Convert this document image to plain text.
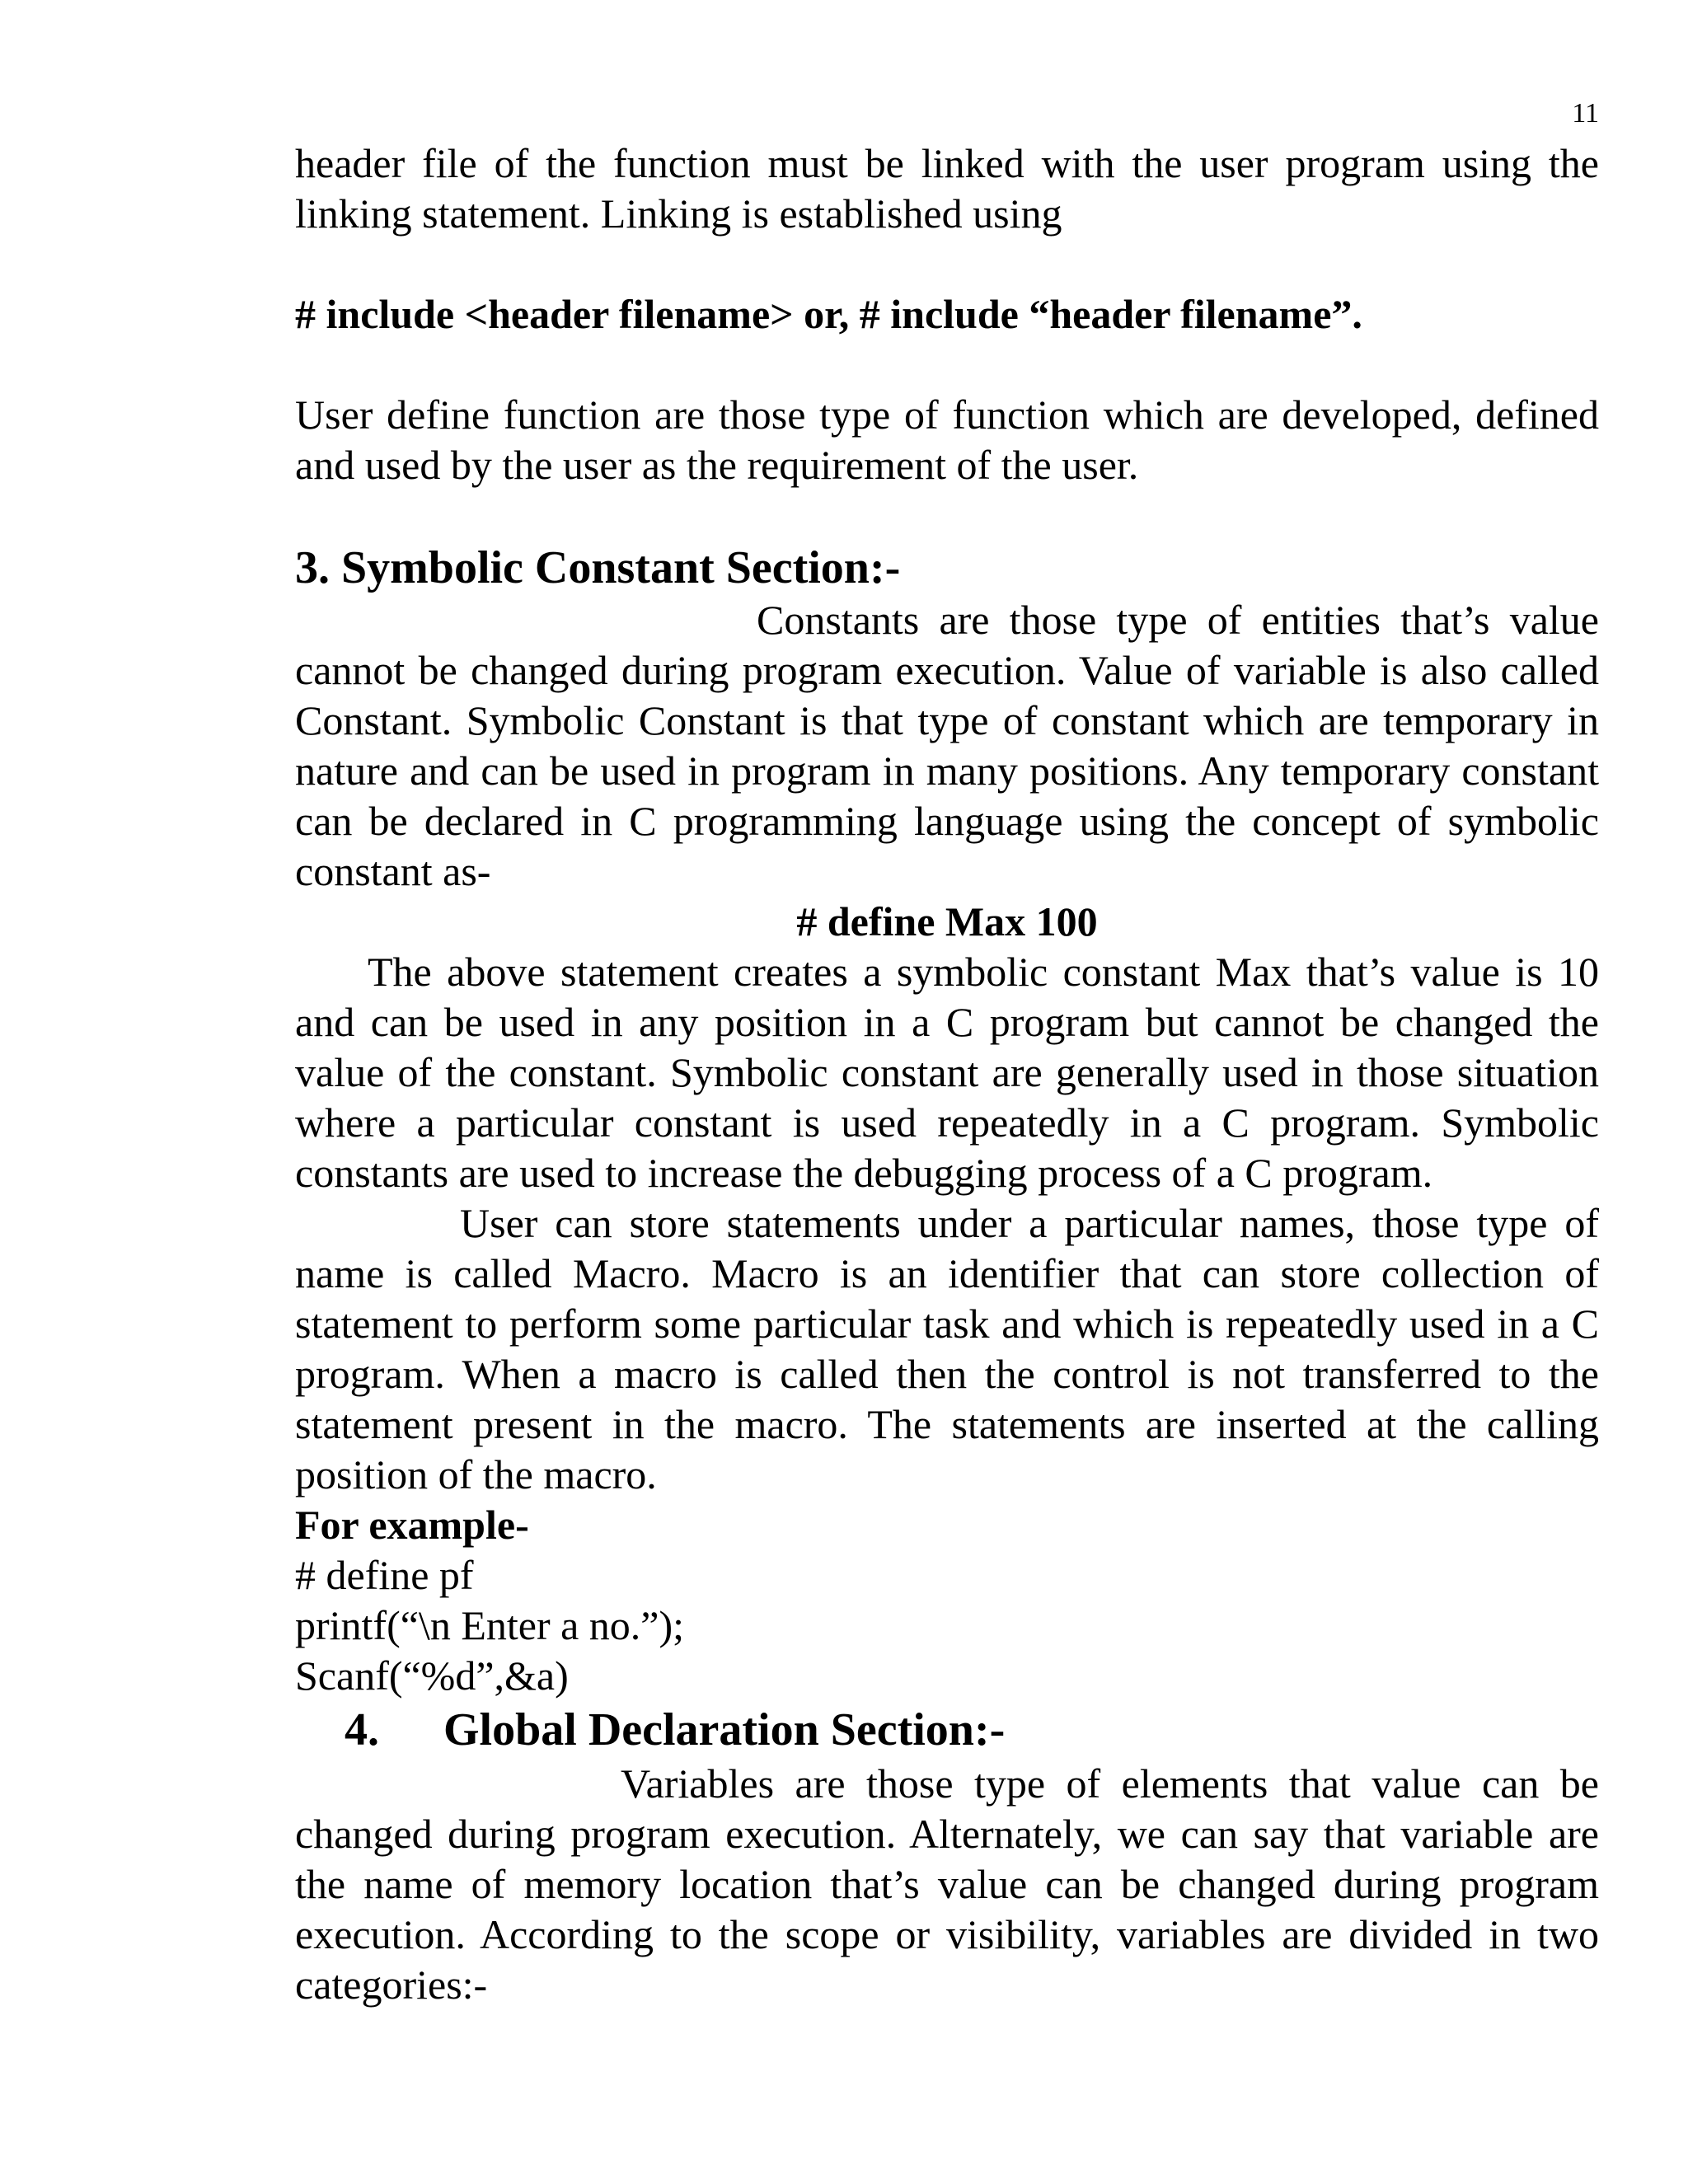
11

header file of the function must be linked with the user program using the linking statement. Linking is established using

# include <header filename> or, # include “header filename”.

User define function are those type of function which are developed, defined and used by the user as the requirement of the user.

3. Symbolic Constant Section:-

Constants are those type of entities that’s value cannot be changed during program execution. Value of variable is also called Constant. Symbolic Constant is that type of constant which are temporary in nature and can be used in program in many positions. Any temporary constant can be declared in C programming language using the concept of symbolic constant as-

# define Max 100

The above statement creates a symbolic constant Max that’s value is 10 and can be used in any position in a C program but cannot be changed the value of the constant. Symbolic constant are generally used in those situation where a particular constant is used repeatedly in a C program. Symbolic constants are used to increase the debugging process of a C program.

User can store statements under a particular names, those type of name is called Macro. Macro is an identifier that can store collection of statement to perform some particular task and which is repeatedly used in a C program. When a macro is called then the control is not transferred to the statement present in the macro. The statements are inserted at the calling position of the macro.

For example-

# define pf

printf(“\n Enter a no.”);

Scanf(“%d”,&a)

4. Global Declaration Section:-

Variables are those type of elements that value can be changed during program execution. Alternately, we can say that variable are the name of memory location that’s value can be changed during program execution. According to the scope or visibility, variables are divided in two categories:-
